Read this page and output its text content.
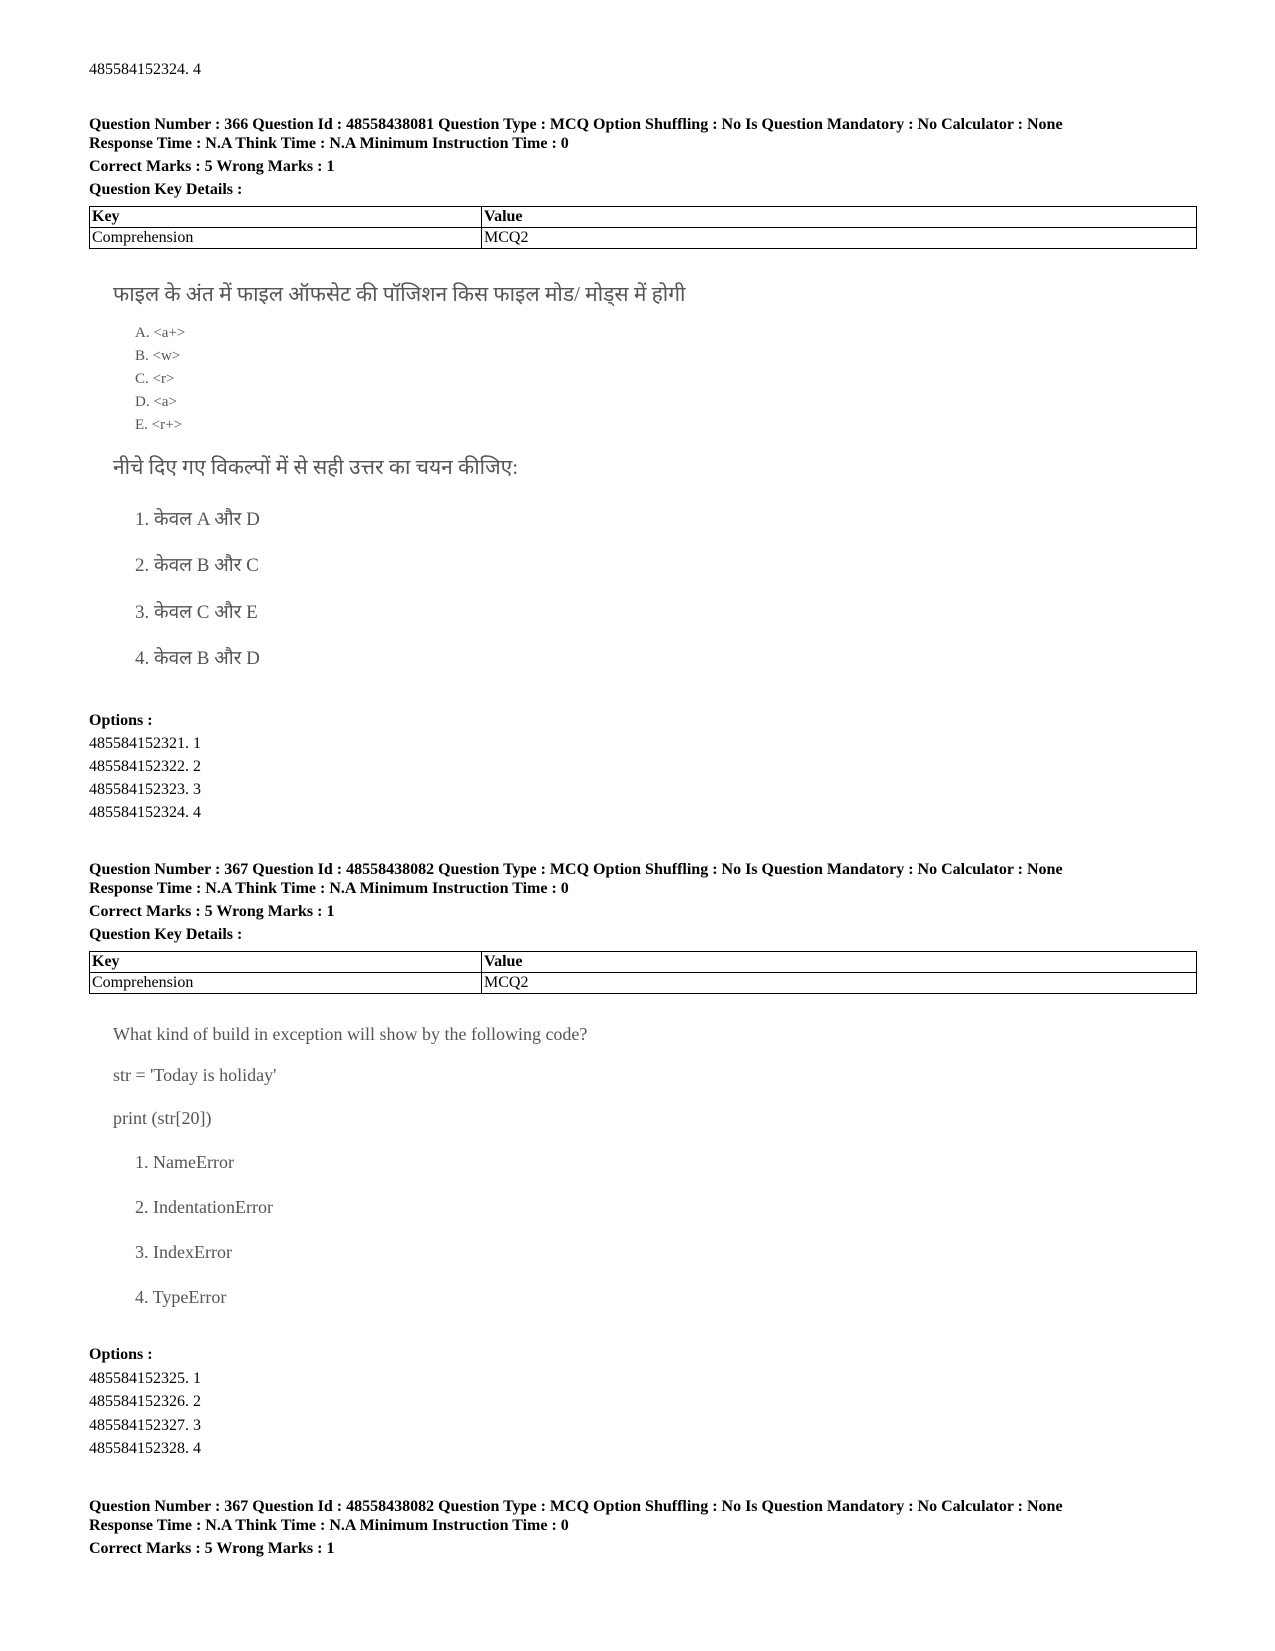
485584152324. 4
Question Number : 366 Question Id : 48558438081 Question Type : MCQ Option Shuffling : No Is Question Mandatory : No Calculator : None
Response Time : N.A Think Time : N.A Minimum Instruction Time : 0
Correct Marks : 5 Wrong Marks : 1
Question Key Details :
Key	Value
Comprehension	MCQ2
फाइल के अंत में फाइल ऑफसेट की पॉजिशन किस फाइल मोड/ मोड्स में होगी
A. <a+>
B. <w>
C. <r>
D. <a>
E. <r+>
नीचे दिए गए विकल्पों में से सही उत्तर का चयन कीजिए:
1. केवल A और D
2. केवल B और C
3. केवल C और E
4. केवल B और D
Options :
485584152321. 1
485584152322. 2
485584152323. 3
485584152324. 4
Question Number : 367 Question Id : 48558438082 Question Type : MCQ Option Shuffling : No Is Question Mandatory : No Calculator : None
Response Time : N.A Think Time : N.A Minimum Instruction Time : 0
Correct Marks : 5 Wrong Marks : 1
Question Key Details :
Key	Value
Comprehension	MCQ2
What kind of build in exception will show by the following code?
str = 'Today is holiday'
print (str[20])
1. NameError
2. IndentationError
3. IndexError
4. TypeError
Options :
485584152325. 1
485584152326. 2
485584152327. 3
485584152328. 4
Question Number : 367 Question Id : 48558438082 Question Type : MCQ Option Shuffling : No Is Question Mandatory : No Calculator : None
Response Time : N.A Think Time : N.A Minimum Instruction Time : 0
Correct Marks : 5 Wrong Marks : 1
